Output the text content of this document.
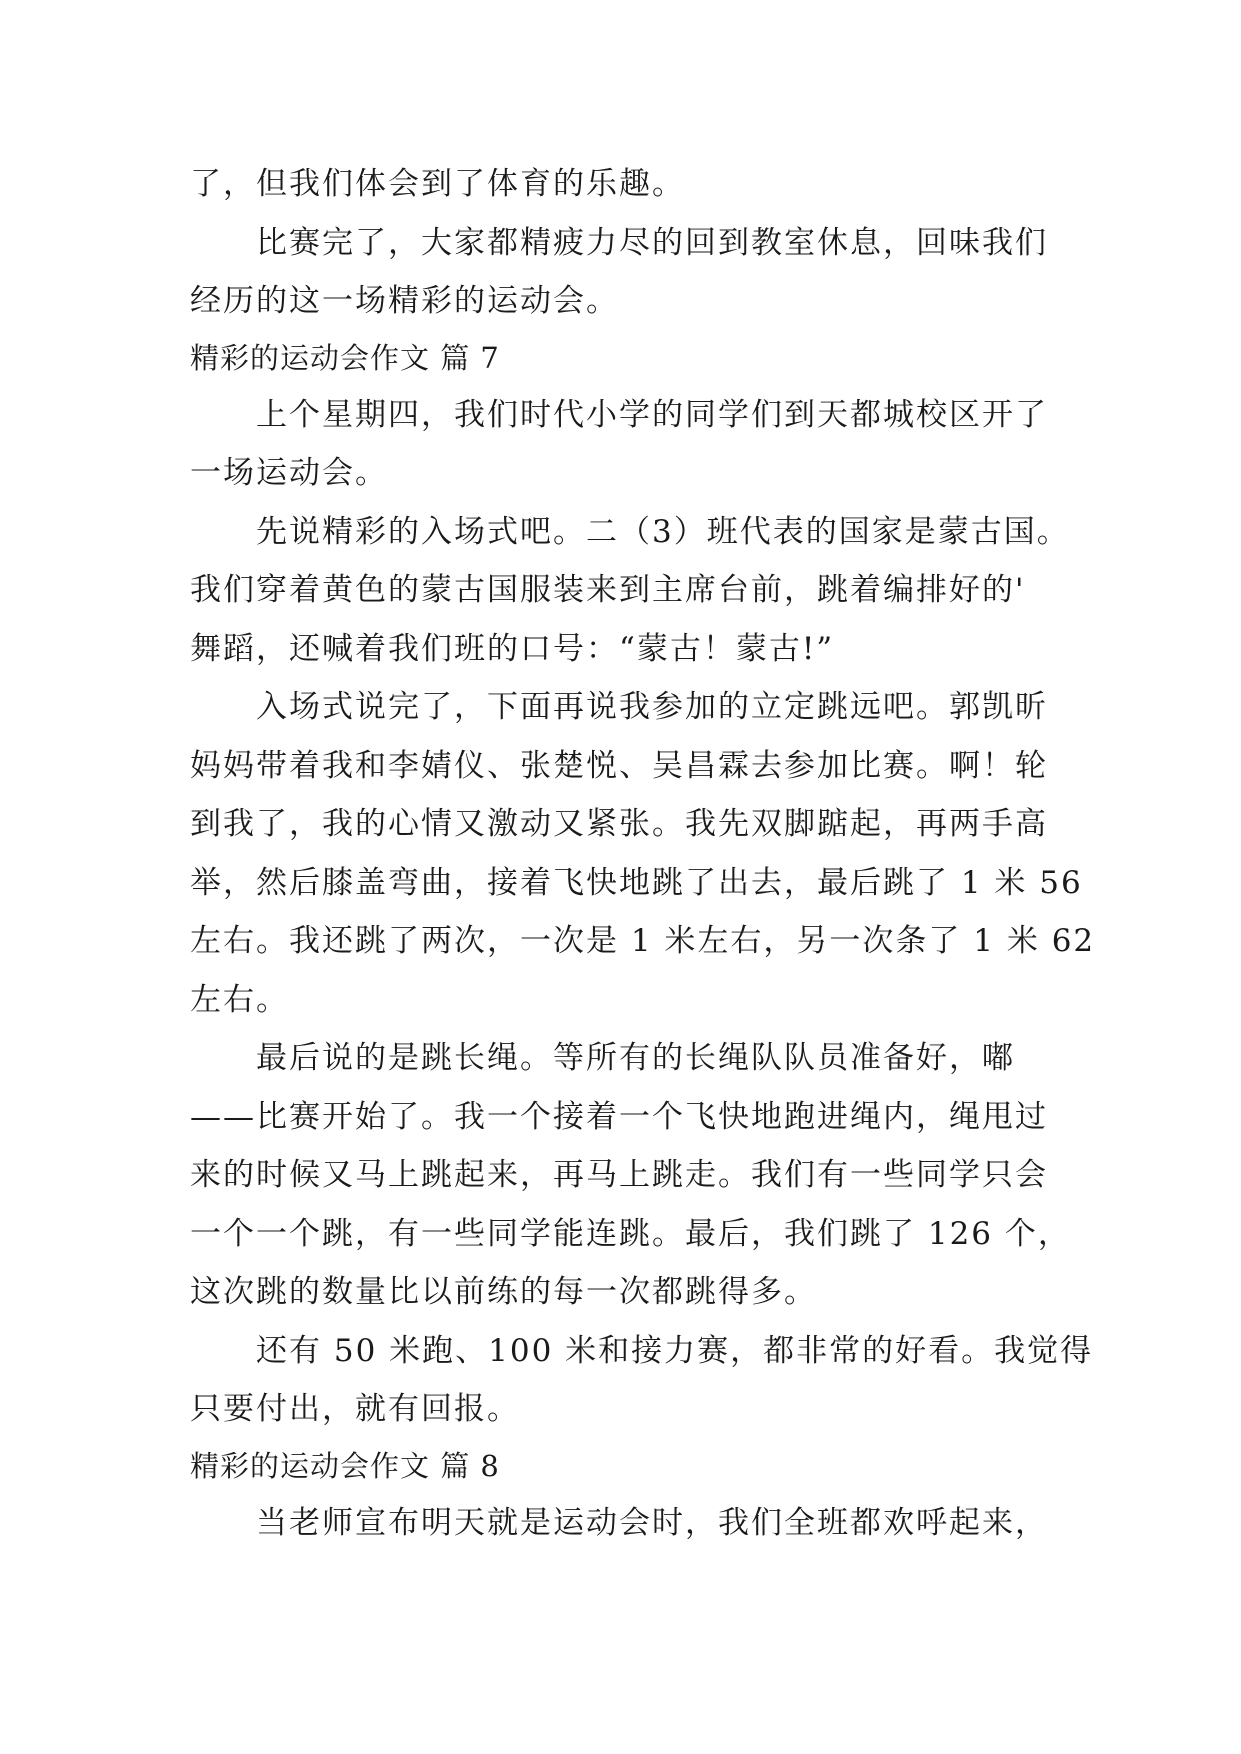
了，但我们体会到了体育的乐趣。
比赛完了，大家都精疲力尽的回到教室休息，回味我们
经历的这一场精彩的运动会。
精彩的运动会作文 篇 7
上个星期四，我们时代小学的同学们到天都城校区开了
一场运动会。
先说精彩的入场式吧。二（3）班代表的国家是蒙古国。
我们穿着黄色的蒙古国服装来到主席台前，跳着编排好的'
舞蹈，还喊着我们班的口号：“蒙古！蒙古!”
入场式说完了，下面再说我参加的立定跳远吧。郭凯昕
妈妈带着我和李婧仪、张楚悦、吴昌霖去参加比赛。啊！轮
到我了，我的心情又激动又紧张。我先双脚踮起，再两手高
举，然后膝盖弯曲，接着飞快地跳了出去，最后跳了 1 米 56
左右。我还跳了两次，一次是 1 米左右，另一次条了 1 米 62
左右。
最后说的是跳长绳。等所有的长绳队队员准备好，嘟
——比赛开始了。我一个接着一个飞快地跑进绳内，绳甩过
来的时候又马上跳起来，再马上跳走。我们有一些同学只会
一个一个跳，有一些同学能连跳。最后，我们跳了 126 个，
这次跳的数量比以前练的每一次都跳得多。
还有 50 米跑、100 米和接力赛，都非常的好看。我觉得
只要付出，就有回报。
精彩的运动会作文 篇 8
当老师宣布明天就是运动会时，我们全班都欢呼起来，
